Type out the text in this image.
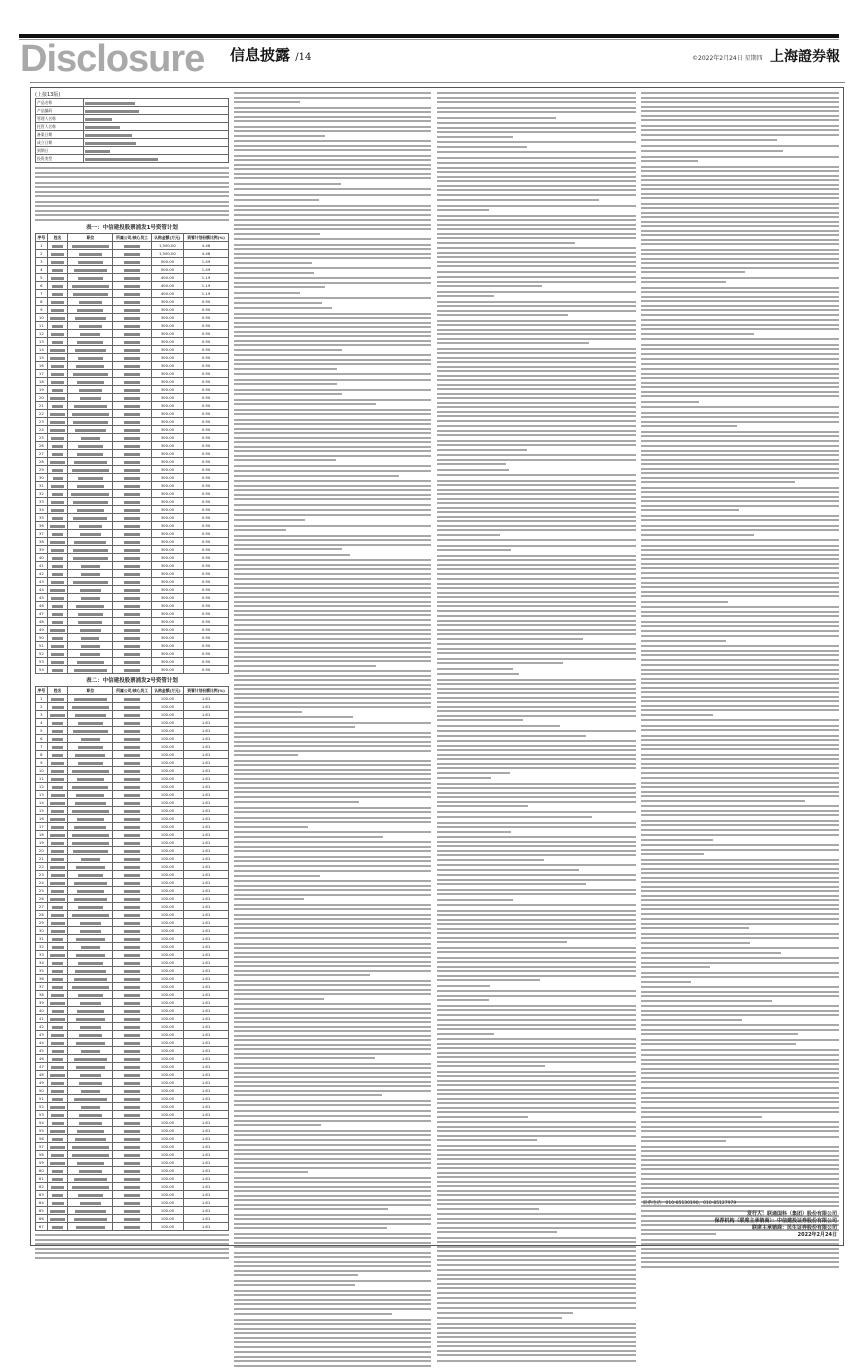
Disclosure 信息披露 /14	©2022年2月24日 星期四 上海證券報
(上接13版)
产品名称	
产品编码	
管理人名称	
托管人名称	
备案日期	
成立日期	
到期日	
投资类型	
表一：中信建投股票浦发1号资管计划
序号	姓名	职位	所属公司/核心员工	认购金额(万元)	资管计划份额比例(%)
1				1,500.00	4.48
2				1,500.00	4.48
3				500.00	1.49
4				500.00	1.49
5				400.00	1.19
6				400.00	1.19
7				400.00	1.19
8				300.00	0.90
9				300.00	0.90
10				300.00	0.90
11				300.00	0.90
12				300.00	0.90
13				300.00	0.90
14				300.00	0.90
15				300.00	0.90
16				300.00	0.90
17				300.00	0.90
18				300.00	0.90
19				300.00	0.90
20				300.00	0.90
21				300.00	0.90
22				300.00	0.90
23				300.00	0.90
24				300.00	0.90
25				300.00	0.90
26				300.00	0.90
27				300.00	0.90
28				300.00	0.90
29				300.00	0.90
30				300.00	0.90
31				300.00	0.90
32				300.00	0.90
33				300.00	0.90
34				300.00	0.90
35				300.00	0.90
36				300.00	0.90
37				300.00	0.90
38				300.00	0.90
39				300.00	0.90
40				300.00	0.90
41				300.00	0.90
42				300.00	0.90
43				300.00	0.90
44				300.00	0.90
45				300.00	0.90
46				300.00	0.90
47				300.00	0.90
48				300.00	0.90
49				300.00	0.90
50				300.00	0.90
51				300.00	0.90
52				300.00	0.90
53				300.00	0.90
54				300.00	0.90
表二：中信建投股票浦发2号资管计划
序号	姓名	职位	所属公司/核心员工	认购金额(万元)	资管计划份额比例(%)
1				100.00	1.61
2				100.00	1.61
3				100.00	1.61
4				100.00	1.61
5				100.00	1.61
6				100.00	1.61
7				100.00	1.61
8				100.00	1.61
9				100.00	1.61
10				100.00	1.61
11				100.00	1.61
12				100.00	1.61
13				100.00	1.61
14				100.00	1.61
15				100.00	1.61
16				100.00	1.61
17				100.00	1.61
18				100.00	1.61
19				100.00	1.61
20				100.00	1.61
21				100.00	1.61
22				100.00	1.61
23				100.00	1.61
24				100.00	1.61
25				100.00	1.61
26				100.00	1.61
27				100.00	1.61
28				100.00	1.61
29				100.00	1.61
30				100.00	1.61
31				100.00	1.61
32				100.00	1.61
33				100.00	1.61
34				100.00	1.61
35				100.00	1.61
36				100.00	1.61
37				100.00	1.61
38				100.00	1.61
39				100.00	1.61
40				100.00	1.61
41				100.00	1.61
42				100.00	1.61
43				100.00	1.61
44				100.00	1.61
45				100.00	1.61
46				100.00	1.61
47				100.00	1.61
48				100.00	1.61
49				100.00	1.61
50				100.00	1.61
51				100.00	1.61
52				100.00	1.61
53				100.00	1.61
54				100.00	1.61
55				100.00	1.61
56				100.00	1.61
57				100.00	1.61
58				100.00	1.61
59				100.00	1.61
60				100.00	1.61
61				100.00	1.61
62				100.00	1.61
63				100.00	1.61
64				100.00	1.61
65				100.00	1.61
66				100.00	1.61
67				100.00	1.61
发行人：联通国科（集团）股份有限公司
保荐机构（联席主承销商）：中信建投证券股份有限公司
联席主承销商：民生证券股份有限公司
2022年2月24日
联系电话：010-85130190、010-85127979
